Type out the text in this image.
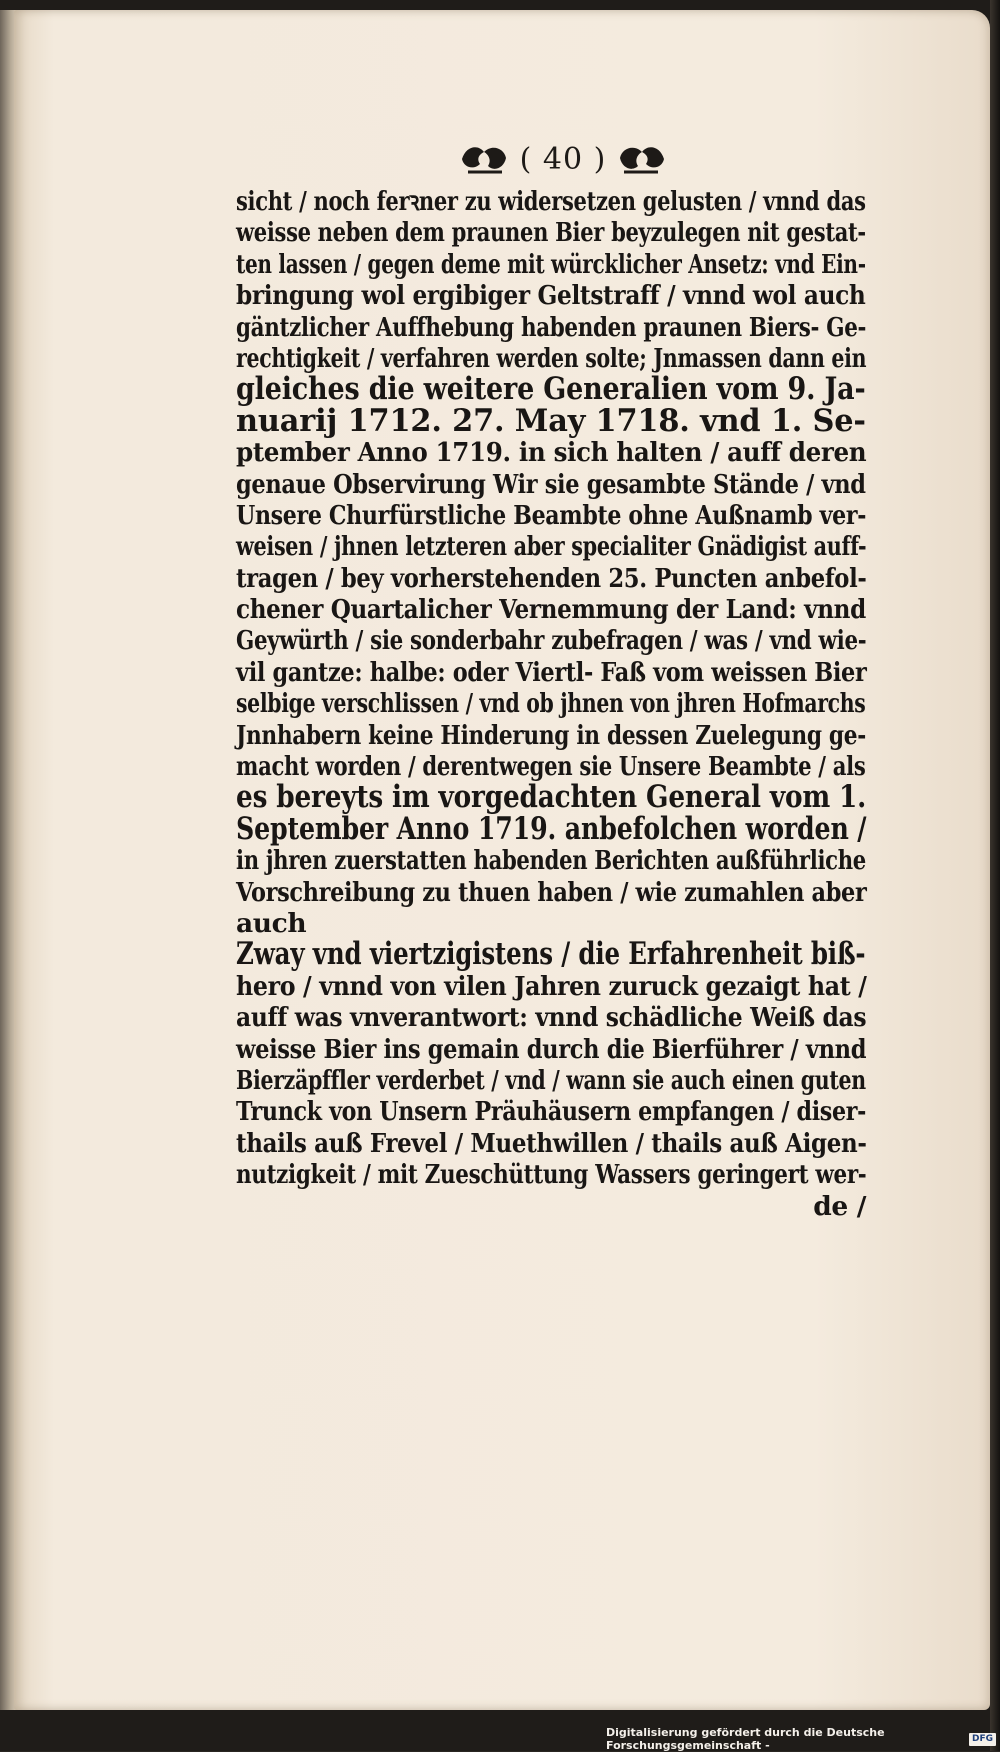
( 40 )
sicht / noch ferꝛner zu widersetzen gelusten / vnnd das
weisse neben dem praunen Bier beyzulegen nit gestat-
ten lassen / gegen deme mit würcklicher Ansetz: vnd Ein-
bringung wol ergibiger Geltstraff / vnnd wol auch
gäntzlicher Auffhebung habenden praunen Biers- Ge-
rechtigkeit / verfahren werden solte; Jnmassen dann ein
gleiches die weitere Generalien vom 9. Ja-
nuarij 1712. 27. May 1718. vnd 1. Se-
ptember Anno 1719. in sich halten / auff deren
genaue Observirung Wir sie gesambte Stände / vnd
Unsere Churfürstliche Beambte ohne Außnamb ver-
weisen / jhnen letzteren aber specialiter Gnädigist auff-
tragen / bey vorherstehenden 25. Puncten anbefol-
chener Quartalicher Vernemmung der Land: vnnd
Geywürth / sie sonderbahr zubefragen / was / vnd wie-
vil gantze: halbe: oder Viertl- Faß vom weissen Bier
selbige verschlissen / vnd ob jhnen von jhren Hofmarchs
Jnnhabern keine Hinderung in dessen Zuelegung ge-
macht worden / derentwegen sie Unsere Beambte / als
es bereyts im vorgedachten General vom 1.
September Anno 1719. anbefolchen worden /
in jhren zuerstatten habenden Berichten außführliche
Vorschreibung zu thuen haben / wie zumahlen aber
auch
Zway vnd viertzigistens / die Erfahrenheit biß-
hero / vnnd von vilen Jahren zuruck gezaigt hat /
auff was vnverantwort: vnnd schädliche Weiß das
weisse Bier ins gemain durch die Bierführer / vnnd
Bierzäpffler verderbet / vnd / wann sie auch einen guten
Trunck von Unsern Präuhäusern empfangen / diser-
thails auß Frevel / Muethwillen / thails auß Aigen-
nutzigkeit / mit Zueschüttung Wassers geringert wer-
de /
Digitalisierung gefördert durch die Deutsche Forschungsgemeinschaft -
DFG
